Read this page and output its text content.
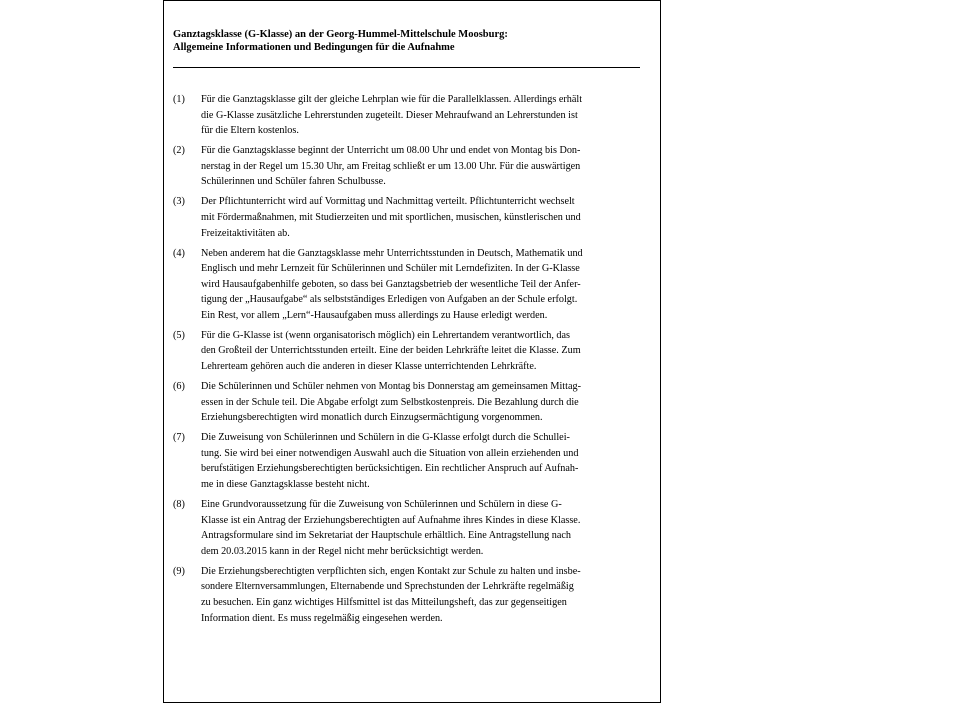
Ganztagsklasse (G-Klasse) an der Georg-Hummel-Mittelschule Moosburg:
Allgemeine Informationen und Bedingungen für die Aufnahme
(1)	Für die Ganztagsklasse gilt der gleiche Lehrplan wie für die Parallelklassen. Allerdings erhält
die G-Klasse zusätzliche Lehrerstunden zugeteilt. Dieser Mehraufwand an Lehrerstunden ist
für die Eltern kostenlos.
(2)	Für die Ganztagsklasse beginnt der Unterricht um 08.00 Uhr und endet von Montag bis Don-
nerstag in der Regel um 15.30 Uhr, am Freitag schließt er um 13.00 Uhr. Für die auswärtigen
Schülerinnen und Schüler fahren Schulbusse.
(3)	Der Pflichtunterricht wird auf Vormittag und Nachmittag verteilt. Pflichtunterricht wechselt
mit Fördermaßnahmen, mit Studierzeiten und mit sportlichen, musischen, künstlerischen und
Freizeitaktivitäten ab.
(4)	Neben anderem hat die Ganztagsklasse mehr Unterrichtsstunden in Deutsch, Mathematik und
Englisch und mehr Lernzeit für Schülerinnen und Schüler mit Lerndefiziten. In der G-Klasse
wird Hausaufgabenhilfe geboten, so dass bei Ganztagsbetrieb der wesentliche Teil der Anfer-
tigung der „Hausaufgabe“ als selbstständiges Erledigen von Aufgaben an der Schule erfolgt.
Ein Rest, vor allem „Lern“-Hausaufgaben muss allerdings zu Hause erledigt werden.
(5)	Für die G-Klasse ist (wenn organisatorisch möglich) ein Lehrertandem verantwortlich, das
den Großteil der Unterrichtsstunden erteilt. Eine der beiden Lehrkräfte leitet die Klasse. Zum
Lehrerteam gehören auch die anderen in dieser Klasse unterrichtenden Lehrkräfte.
(6)	Die Schülerinnen und Schüler nehmen von Montag bis Donnerstag am gemeinsamen Mittag-
essen in der Schule teil. Die Abgabe erfolgt zum Selbstkostenpreis. Die Bezahlung durch die
Erziehungsberechtigten wird monatlich durch Einzugsermächtigung vorgenommen.
(7)	Die Zuweisung von Schülerinnen und Schülern in die G-Klasse erfolgt durch die Schullei-
tung. Sie wird bei einer notwendigen Auswahl auch die Situation von allein erziehenden und
berufstätigen Erziehungsberechtigten berücksichtigen. Ein rechtlicher Anspruch auf Aufnah-
me in diese Ganztagsklasse besteht nicht.
(8)	Eine Grundvoraussetzung für die Zuweisung von Schülerinnen und Schülern in diese G-
Klasse ist ein Antrag der Erziehungsberechtigten auf Aufnahme ihres Kindes in diese Klasse.
Antragsformulare sind im Sekretariat der Hauptschule erhältlich. Eine Antragstellung nach
dem 20.03.2015 kann in der Regel nicht mehr berücksichtigt werden.
(9)	Die Erziehungsberechtigten verpflichten sich, engen Kontakt zur Schule zu halten und insbe-
sondere Elternversammlungen, Elternabende und Sprechstunden der Lehrkräfte regelmäßig
zu besuchen. Ein ganz wichtiges Hilfsmittel ist das Mitteilungsheft, das zur gegenseitigen
Information dient. Es muss regelmäßig eingesehen werden.
